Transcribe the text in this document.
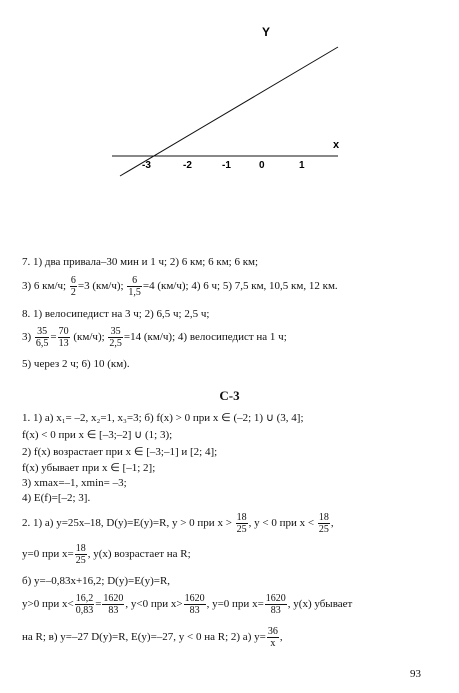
Y
x
-3	-2	-1	0	1
7. 1) два привала–30 мин и 1 ч; 2) 6 км; 6 км; 6 км;
3) 6 км/ч; $\frac{6}{2} =3$ (км/ч); $\frac{6}{1,5} =4$ (км/ч); 4) 6 ч; 5) 7,5 км, 10,5 км, 12 км.
8. 1) велосипедист на 3 ч; 2) 6,5 ч; 2,5 ч;
$3) \frac{35}{6,5} = \frac{70}{13} (км/ч)$; $\frac{35}{2,5} =14$ (км/ч); 4) велосипедист на 1 ч;
5) через 2 ч; 6) 10 (км).
С-3
1. 1) а) x₁= –2, x₂=1, x₃=3; б) f(x) > 0 при x ∈ (–2; 1) ∪ (3, 4];
f(x) < 0 при x ∈ [–3;–2] ∪ (1; 3);
2) f(x) возрастает при x ∈ [–3;–1] и [2; 4];
f(x) убывает при x ∈ [–1; 2];
3) xmax=–1, xmin= –3;
4) E(f)=[–2; 3].
2. 1) а) y=25x–18, D(y)=E(y)=R, y > 0 при $x > \frac{18}{25}$ , y < 0 при $x < \frac{18}{25}$ ,
y=0 при $x= \frac{18}{25}$ , y(x) возрастает на R;
б) y=–0,83x+16,2; D(y)=E(y)=R,
y>0 при $x< \frac{16,2}{0,83} = \frac{1620}{83}$ , y<0 при $x> \frac{1620}{83}$ , y=0 при $x= \frac{1620}{83}$ , y(x) убывает
на R; в) y=–27 D(y)=R, E(y)=–27, y < 0 на R; 2) а) $y= \frac{36}{x}$ ,
93
